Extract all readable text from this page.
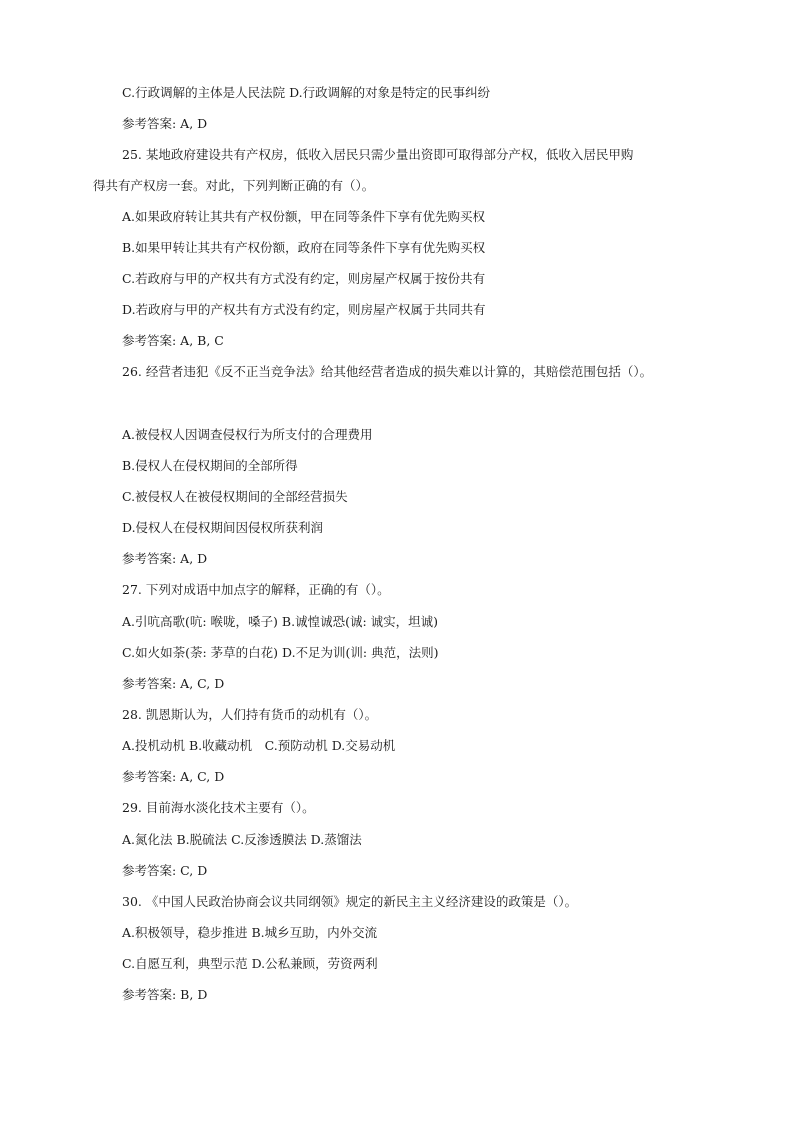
C.行政调解的主体是人民法院 D.行政调解的对象是特定的民事纠纷
参考答案: A, D
25. 某地政府建设共有产权房，低收入居民只需少量出资即可取得部分产权，低收入居民甲购
得共有产权房一套。对此，下列判断正确的有（）。
A.如果政府转让其共有产权份额，甲在同等条件下享有优先购买权
B.如果甲转让其共有产权份额，政府在同等条件下享有优先购买权
C.若政府与甲的产权共有方式没有约定，则房屋产权属于按份共有
D.若政府与甲的产权共有方式没有约定，则房屋产权属于共同共有
参考答案: A, B, C
26. 经营者违犯《反不正当竞争法》给其他经营者造成的损失难以计算的，其赔偿范围包括（）。
A.被侵权人因调查侵权行为所支付的合理费用
B.侵权人在侵权期间的全部所得
C.被侵权人在被侵权期间的全部经营损失
D.侵权人在侵权期间因侵权所获利润
参考答案: A, D
27. 下列对成语中加点字的解释，正确的有（）。
A.引吭高歌(吭: 喉咙，嗓子) B.诚惶诚恐(诚: 诚实，坦诚)
C.如火如荼(荼: 茅草的白花) D.不足为训(训: 典范，法则)
参考答案: A, C, D
28. 凯恩斯认为，人们持有货币的动机有（）。
A.投机动机 B.收藏动机　C.预防动机 D.交易动机
参考答案: A, C, D
29. 目前海水淡化技术主要有（）。
A.氮化法 B.脱硫法 C.反渗透膜法 D.蒸馏法
参考答案: C, D
30. 《中国人民政治协商会议共同纲领》规定的新民主主义经济建设的政策是（）。
A.积极领导，稳步推进 B.城乡互助，内外交流
C.自愿互利，典型示范 D.公私兼顾，劳资两利
参考答案: B, D
